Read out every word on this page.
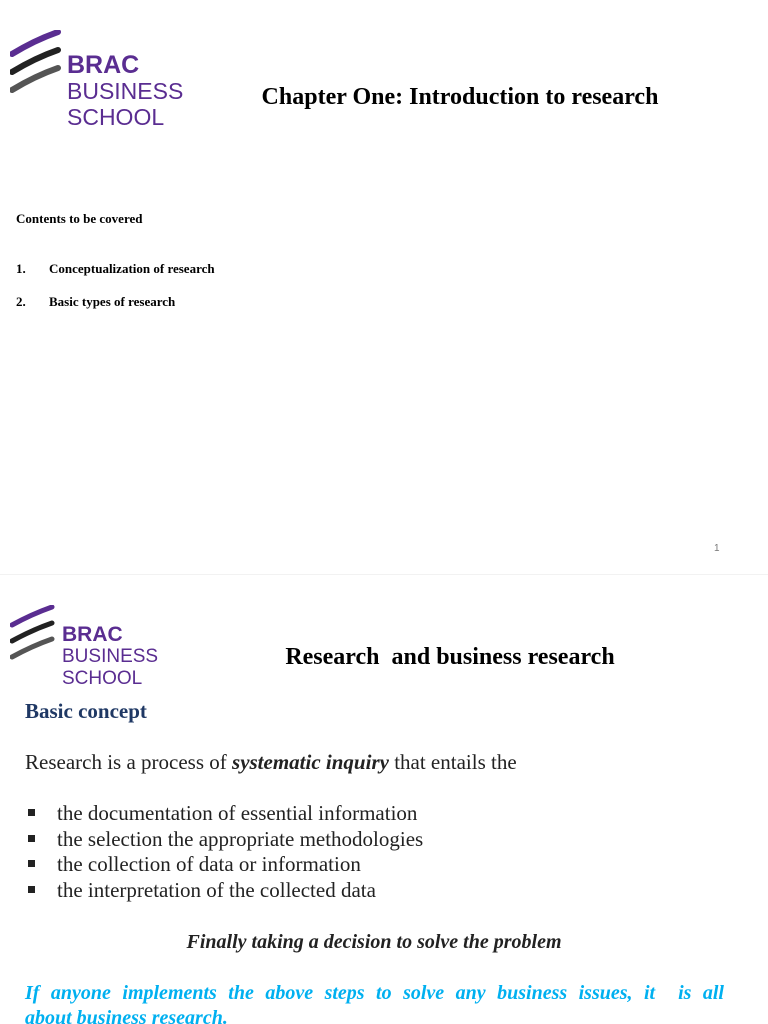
BRAC
BUSINESS
SCHOOL
Chapter One: Introduction to research
Contents to be covered
1. Conceptualization of research
2. Basic types of research
1
BRAC
BUSINESS
SCHOOL
Research  and business research
Basic concept
Research is a process of systematic inquiry that entails the
the documentation of essential information
the selection the appropriate methodologies
the collection of data or information
the interpretation of the collected data
Finally taking a decision to solve the problem
If anyone implements the above steps to solve any business issues, it  is all
about business research.
